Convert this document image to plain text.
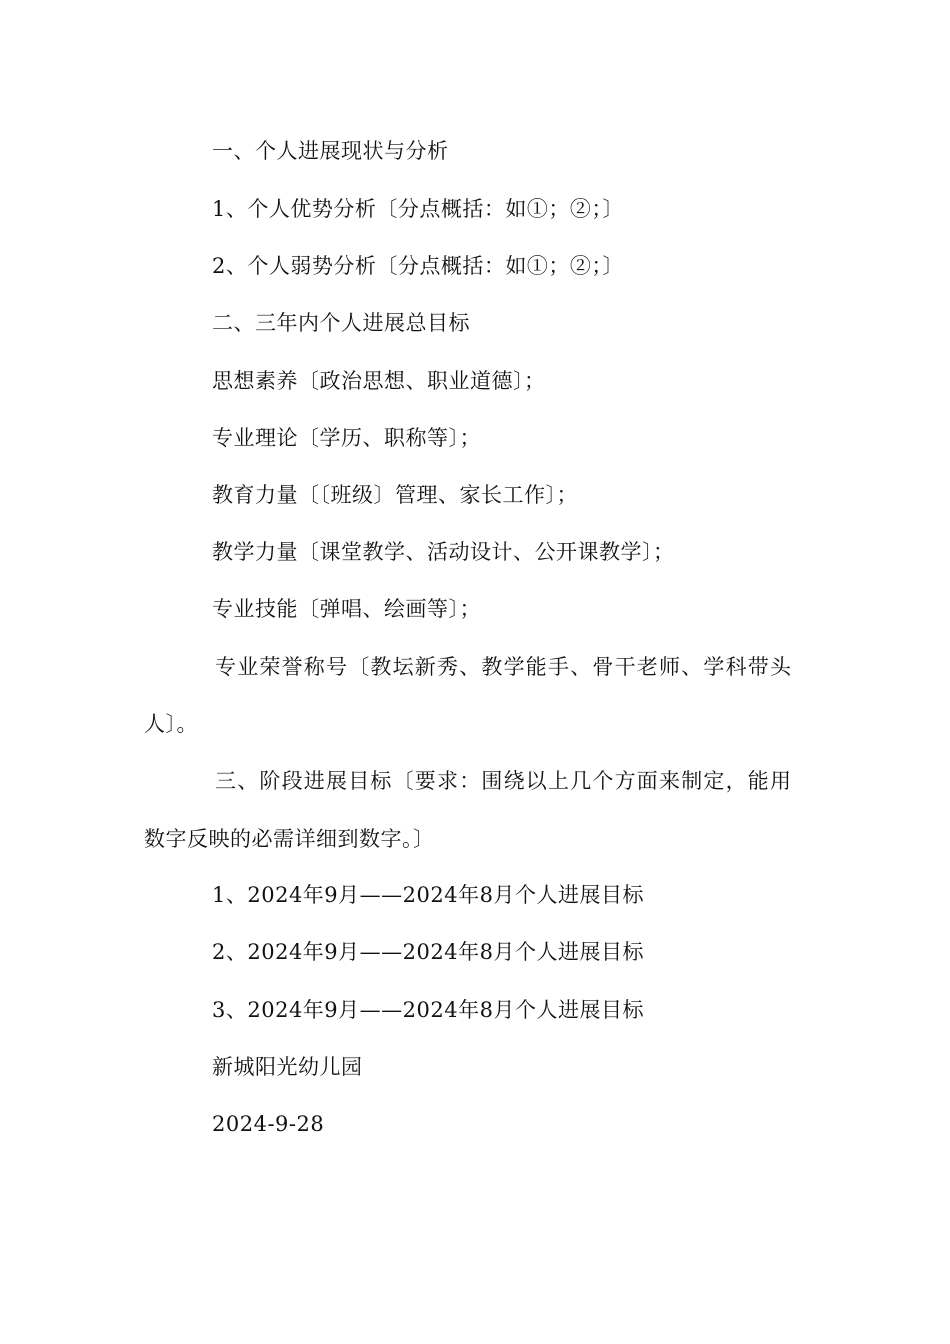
一、个人进展现状与分析
1、个人优势分析〔分点概括：如①；②；〕
2、个人弱势分析〔分点概括：如①；②；〕
二、三年内个人进展总目标
思想素养〔政治思想、职业道德〕；
专业理论〔学历、职称等〕；
教育力量〔〔班级〕管理、家长工作〕；
教学力量〔课堂教学、活动设计、公开课教学〕；
专业技能〔弹唱、绘画等〕；
专业荣誉称号〔教坛新秀、教学能手、骨干老师、学科带头
人〕。
三、阶段进展目标〔要求：围绕以上几个方面来制定，能用
数字反映的必需详细到数字。〕
1、2024年9月——2024年8月个人进展目标
2、2024年9月——2024年8月个人进展目标
3、2024年9月——2024年8月个人进展目标
新城阳光幼儿园
2024-9-28
